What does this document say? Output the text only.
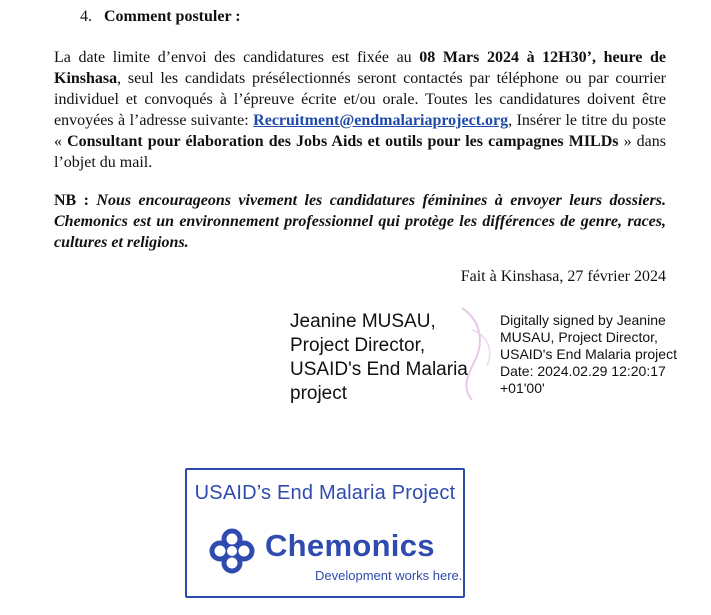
4. Comment postuler :
La date limite d’envoi des candidatures est fixée au 08 Mars 2024 à 12H30’, heure de Kinshasa, seul les candidats présélectionnés seront contactés par téléphone ou par courrier individuel et convoqués à l’épreuve écrite et/ou orale. Toutes les candidatures doivent être envoyées à l’adresse suivante: Recruitment@endmalariaproject.org, Insérer le titre du poste « Consultant pour élaboration des Jobs Aids et outils pour les campagnes MILDs » dans l’objet du mail.
NB : Nous encourageons vivement les candidatures féminines à envoyer leurs dossiers. Chemonics est un environnement professionnel qui protège les différences de genre, races, cultures et religions.
Fait à Kinshasa, 27 février 2024
Jeanine MUSAU,
Project Director,
USAID's End Malaria
project
Digitally signed by Jeanine
MUSAU, Project Director,
USAID's End Malaria project
Date: 2024.02.29 12:20:17
+01'00'
USAID’s End Malaria Project
Chemonics
Development works here.
